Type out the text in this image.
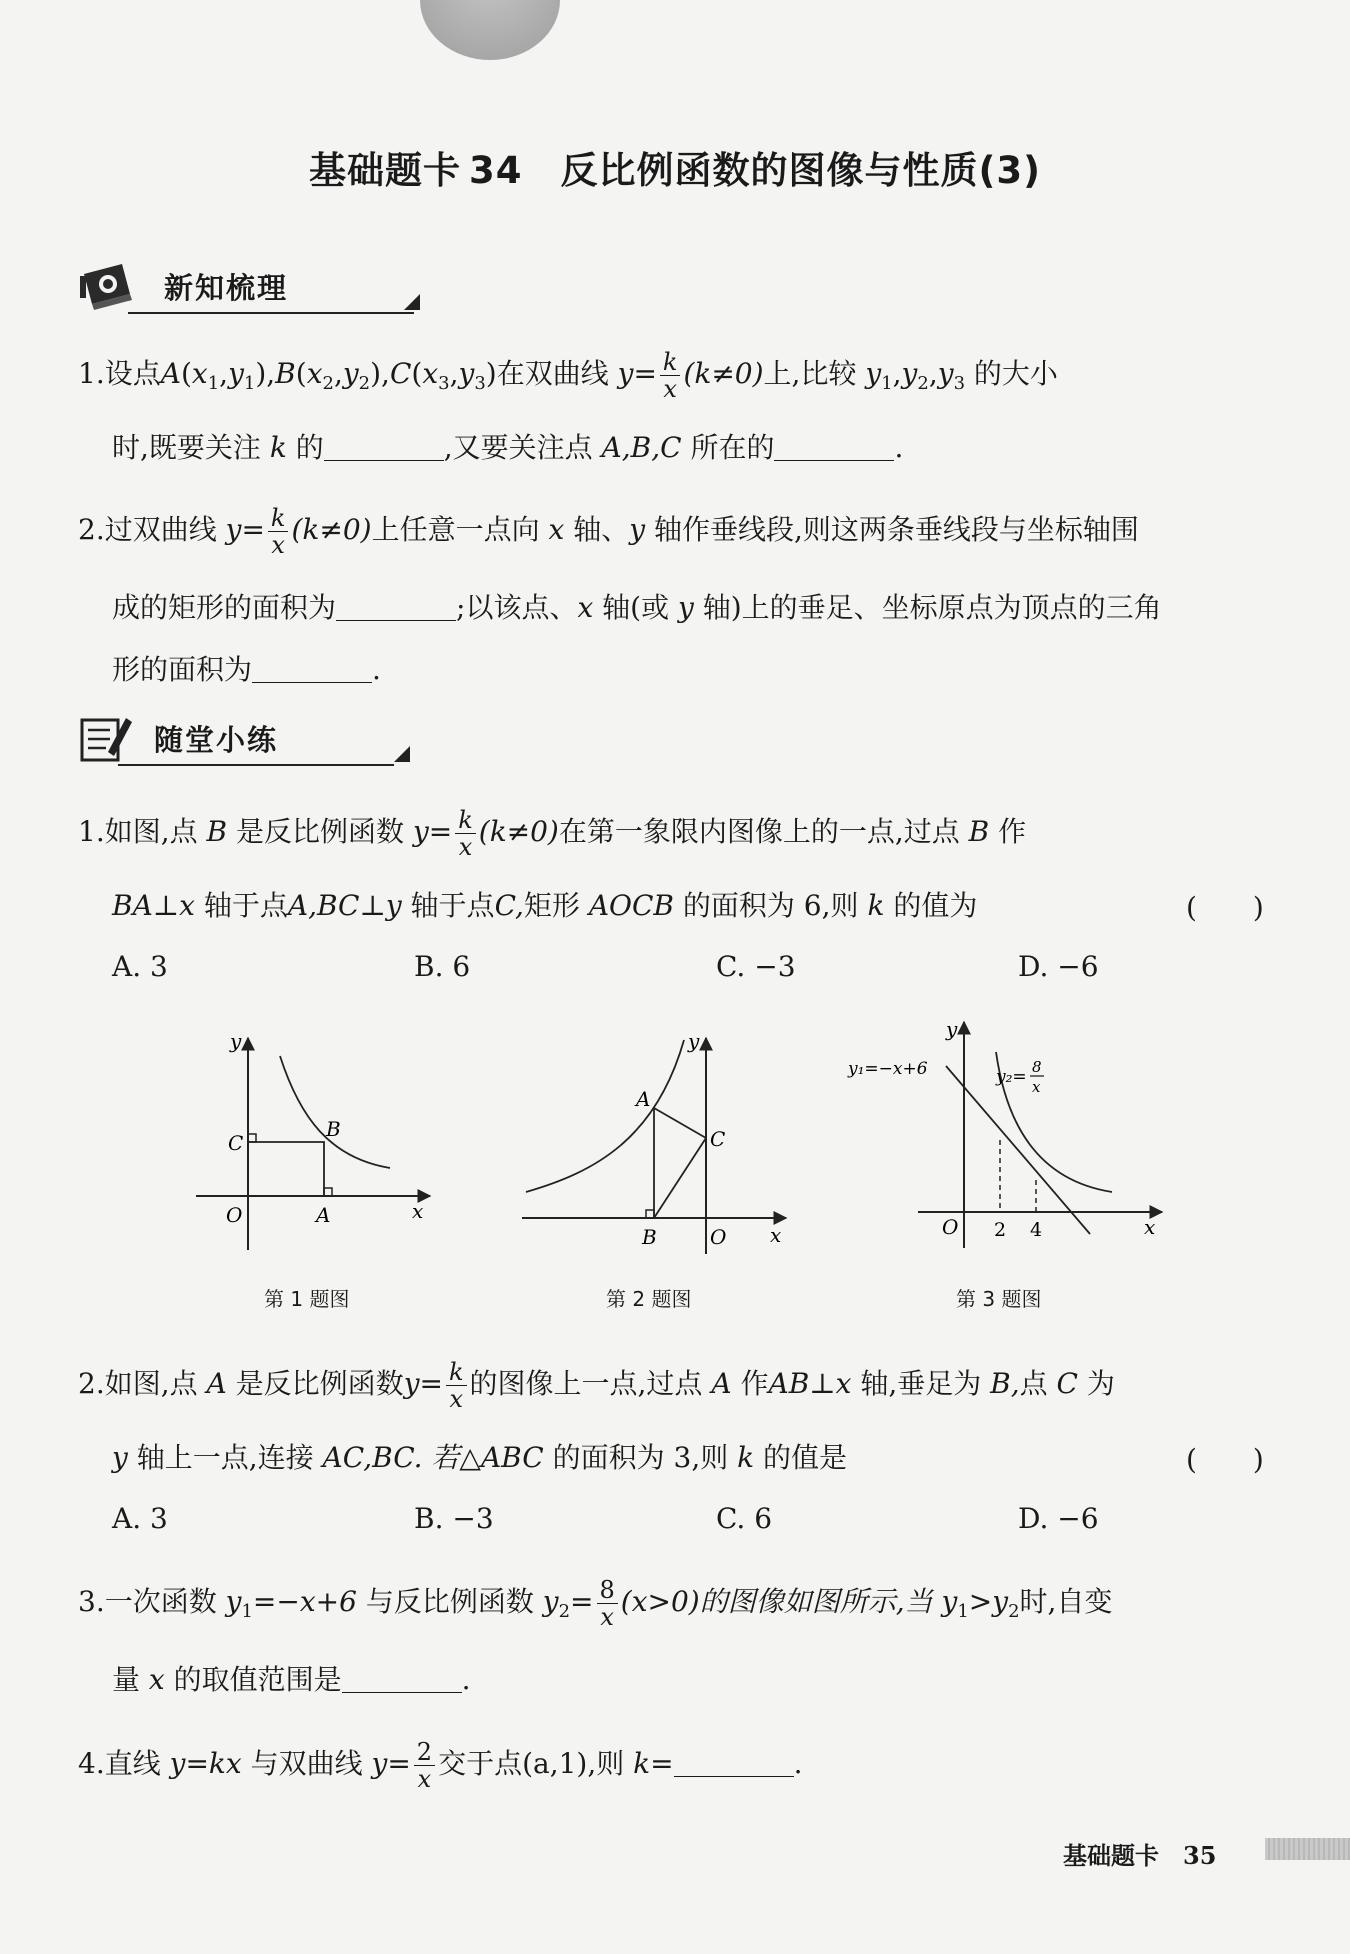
基础题卡 34 反比例函数的图像与性质(3)
新知梳理
1.设点$A(x_1,y_1),B(x_2,y_2),C(x_3,y_3)$在双曲线 $y= \frac{k}{x} (k\ne 0)$上,比较 $y_1,y_2,y_3$ 的大小
时,既要关注 k 的	,又要关注点 A,B,C 所在的	.
2.过双曲线 $y= \frac{k}{x} (k\ne 0)$上任意一点向 x 轴、y 轴作垂线段,则这两条垂线段与坐标轴围
成的矩形的面积为	;以该点、x 轴(或 y 轴)上的垂足、坐标原点为顶点的三角
形的面积为	.
随堂小练
1.如图,点 B 是反比例函数 $y= \frac{k}{x} (k\ne 0)$在第一象限内图像上的一点,过点 B 作
BA⊥x 轴于点A,BC⊥y 轴于点C,矩形 AOCB 的面积为 6,则 k 的值为	(　　)
A. 3	B. 6	C. −3	D. −6
y
x
O	A
B
C
y
x
O
A
B
C
y
x
O 2 4
y₁=−x+6	y₂= 8
x
第 1 题图	第 2 题图	第 3 题图
2.如图,点 A 是反比例函数$y= \frac{k}{x}$ 的图像上一点,过点 A 作AB⊥x 轴,垂足为 B,点 C 为
y 轴上一点,连接 AC,BC. 若△ABC 的面积为 3,则 k 的值是	(　　)
A. 3	B. −3	C. 6	D. −6
3.一次函数 $y_1=-x+6$ 与反比例函数 $y_2= \frac{8}{x} (x>0)$的图像如图所示,当 $y_1>y_2$时,自变
量 x 的取值范围是	.
4.直线 y=kx 与双曲线 $y= \frac{2}{x}$ 交于点(a,1),则 k=	.
基础题卡 35
